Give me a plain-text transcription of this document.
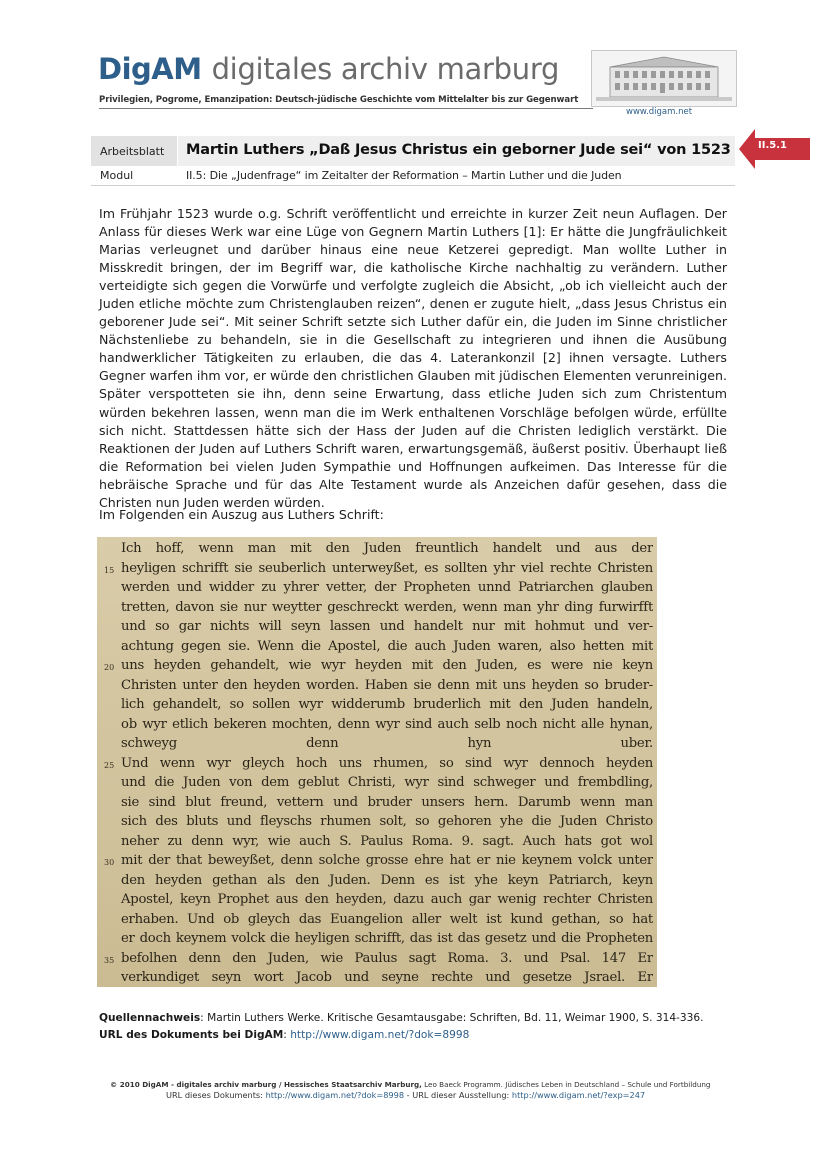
DigAM digitales archiv marburg
Privilegien, Pogrome, Emanzipation: Deutsch-jüdische Geschichte vom Mittelalter bis zur Gegenwart
www.digam.net
II.5.1
Arbeitsblatt Martin Luthers „Daß Jesus Christus ein geborner Jude sei“ von 1523
Modul	II.5: Die „Judenfrage“ im Zeitalter der Reformation – Martin Luther und die Juden

Im Frühjahr 1523 wurde o.g. Schrift veröffentlicht und erreichte in kurzer Zeit neun Auflagen. Der Anlass für dieses Werk war eine Lüge von Gegnern Martin Luthers [1]: Er hätte die Jungfräulichkeit Marias verleugnet und darüber hinaus eine neue Ketzerei gepredigt. Man wollte Luther in Misskredit bringen, der im Begriff war, die katholische Kirche nachhaltig zu verändern. Luther verteidigte sich gegen die Vorwürfe und verfolgte zugleich die Absicht, „ob ich vielleicht auch der Juden etliche möchte zum Christenglauben reizen“, denen er zugute hielt, „dass Jesus Christus ein geborener Jude sei“. Mit seiner Schrift setzte sich Luther dafür ein, die Juden im Sinne christlicher Nächstenliebe zu behandeln, sie in die Gesellschaft zu integrieren und ihnen die Ausübung handwerklicher Tätigkeiten zu erlauben, die das 4. Laterankonzil [2] ihnen versagte. Luthers Gegner warfen ihm vor, er würde den christlichen Glauben mit jüdischen Elementen verunreinigen. Später verspotteten sie ihn, denn seine Erwartung, dass etliche Juden sich zum Christentum würden bekehren lassen, wenn man die im Werk enthaltenen Vorschläge befolgen würde, erfüllte sich nicht. Stattdessen hätte sich der Hass der Juden auf die Christen lediglich verstärkt. Die Reaktionen der Juden auf Luthers Schrift waren, erwartungsgemäß, äußerst positiv. Überhaupt ließ die Reformation bei vielen Juden Sympathie und Hoffnungen aufkeimen. Das Interesse für die hebräische Sprache und für das Alte Testament wurde als Anzeichen dafür gesehen, dass die Christen nun Juden werden würden.

Im Folgenden ein Auszug aus Luthers Schrift:
Ich hoff, wenn man mit den Juden freuntlich handelt und aus der
heyligen schrifft sie seuberlich unterweyßet, es sollten yhr viel rechte Christen
werden und widder zu yhrer vetter, der Propheten unnd Patriarchen glauben
tretten, davon sie nur weytter geschreckt werden, wenn man yhr ding furwirfft
und so gar nichts will seyn lassen und handelt nur mit hohmut und ver-
achtung gegen sie. Wenn die Apostel, die auch Juden waren, also hetten mit
uns heyden gehandelt, wie wyr heyden mit den Juden, es were nie keyn
Christen unter den heyden worden. Haben sie denn mit uns heyden so bruder-
lich gehandelt, so sollen wyr widderumb bruderlich mit den Juden handeln,
ob wyr etlich bekeren mochten, denn wyr sind auch selb noch nicht alle hynan,
schweyg denn hyn uber.
Und wenn wyr gleych hoch uns rhumen, so sind wyr dennoch heyden
und die Juden von dem geblut Christi, wyr sind schweger und frembdling,
sie sind blut freund, vettern und bruder unsers hern. Darumb wenn man
sich des bluts und fleyschs rhumen solt, so gehoren yhe die Juden Christo
neher zu denn wyr, wie auch S. Paulus Roma. 9. sagt. Auch hats got wol
mit der that beweyßet, denn solche grosse ehre hat er nie keynem volck unter
den heyden gethan als den Juden. Denn es ist yhe keyn Patriarch, keyn
Apostel, keyn Prophet aus den heyden, dazu auch gar wenig rechter Christen
erhaben. Und ob gleych das Euangelion aller welt ist kund gethan, so hat
er doch keynem volck die heyligen schrifft, das ist das gesetz und die Propheten
befolhen denn den Juden, wie Paulus sagt Roma. 3. und Psal. 147 Er
verkundiget seyn wort Jacob und seyne rechte und gesetze Jsrael. Er
15
20
25
30
35
Quellennachweis: Martin Luthers Werke. Kritische Gesamtausgabe: Schriften, Bd. 11, Weimar 1900, S. 314-336.
URL des Dokuments bei DigAM: http://www.digam.net/?dok=8998
© 2010 DigAM - digitales archiv marburg / Hessisches Staatsarchiv Marburg, Leo Baeck Programm. Jüdisches Leben in Deutschland – Schule und Fortbildung
URL dieses Dokuments: http://www.digam.net/?dok=8998 - URL dieser Ausstellung: http://www.digam.net/?exp=247
